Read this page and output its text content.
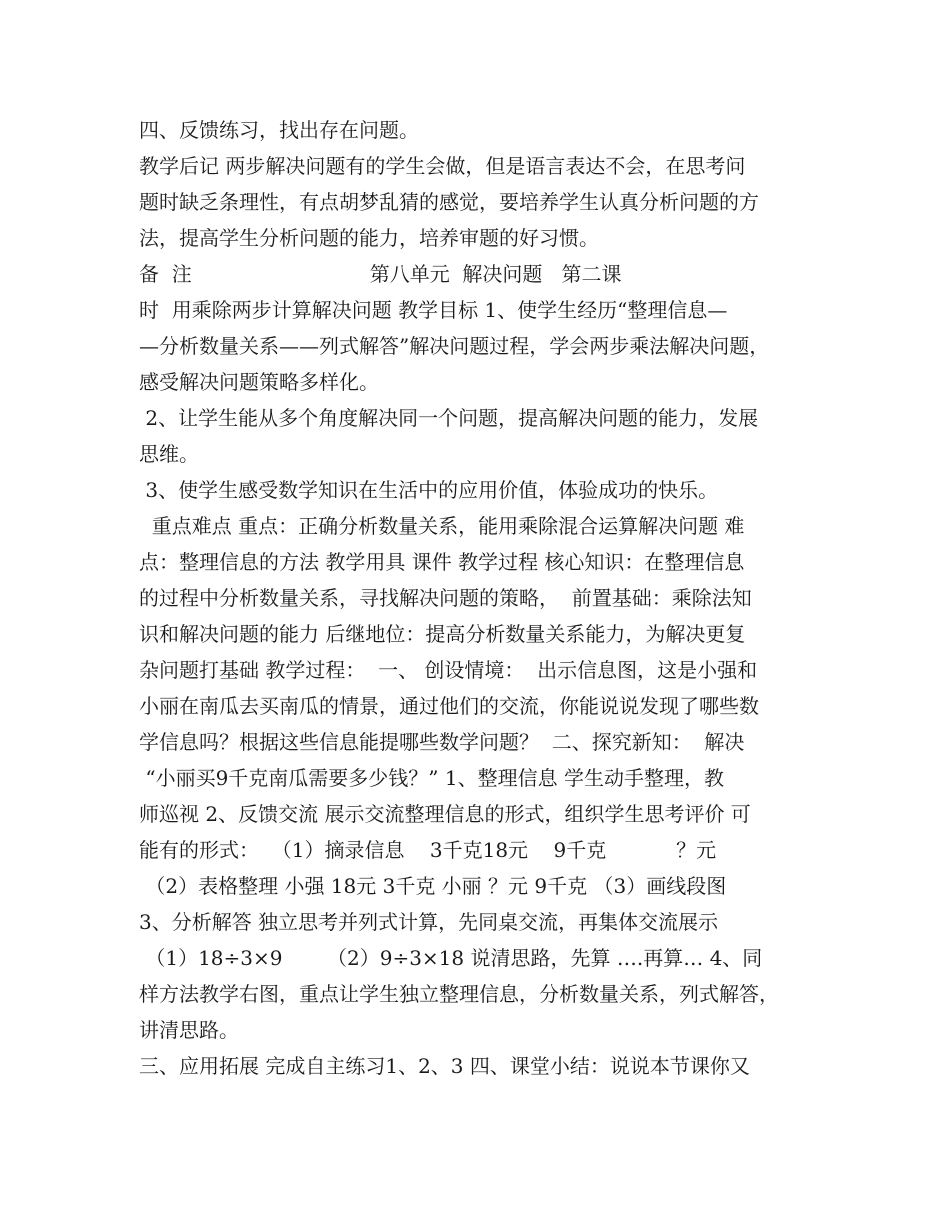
四、反馈练习，找出存在问题。

教学后记 两步解决问题有的学生会做，但是语言表达不会，在思考问

题时缺乏条理性，有点胡梦乱猜的感觉，要培养学生认真分析问题的方

法，提高学生分析问题的能力，培养审题的好习惯。

备  注                            第八单元  解决问题   第二课

时  用乘除两步计算解决问题 教学目标 1、使学生经历“整理信息—

—分析数量关系——列式解答”解决问题过程，学会两步乘法解决问题，

感受解决问题策略多样化。

2、让学生能从多个角度解决同一个问题，提高解决问题的能力，发展

思维。

3、使学生感受数学知识在生活中的应用价值，体验成功的快乐。

重点难点 重点：正确分析数量关系，能用乘除混合运算解决问题 难

点：整理信息的方法 教学用具 课件 教学过程 核心知识：在整理信息

的过程中分析数量关系，寻找解决问题的策略，  前置基础：乘除法知

识和解决问题的能力 后继地位：提高分析数量关系能力，为解决更复

杂问题打基础 教学过程：  一、 创设情境：  出示信息图，这是小强和

小丽在南瓜去买南瓜的情景，通过他们的交流，你能说说发现了哪些数

学信息吗？根据这些信息能提哪些数学问题？  二、探究新知：  解决

“小丽买9千克南瓜需要多少钱？” 1、整理信息 学生动手整理，教

师巡视 2、反馈交流 展示交流整理信息的形式，组织学生思考评价 可

能有的形式：  （1）摘录信息    3千克18元    9千克           ？元

（2）表格整理 小强 18元 3千克 小丽 ？元 9千克 （3）画线段图

3、分析解答 独立思考并列式计算，先同桌交流，再集体交流展示

（1）18÷3×9       （2）9÷3×18 说清思路，先算 ….再算… 4、同

样方法教学右图，重点让学生独立整理信息，分析数量关系，列式解答，

讲清思路。

三、应用拓展 完成自主练习1、2、3 四、课堂小结：说说本节课你又
